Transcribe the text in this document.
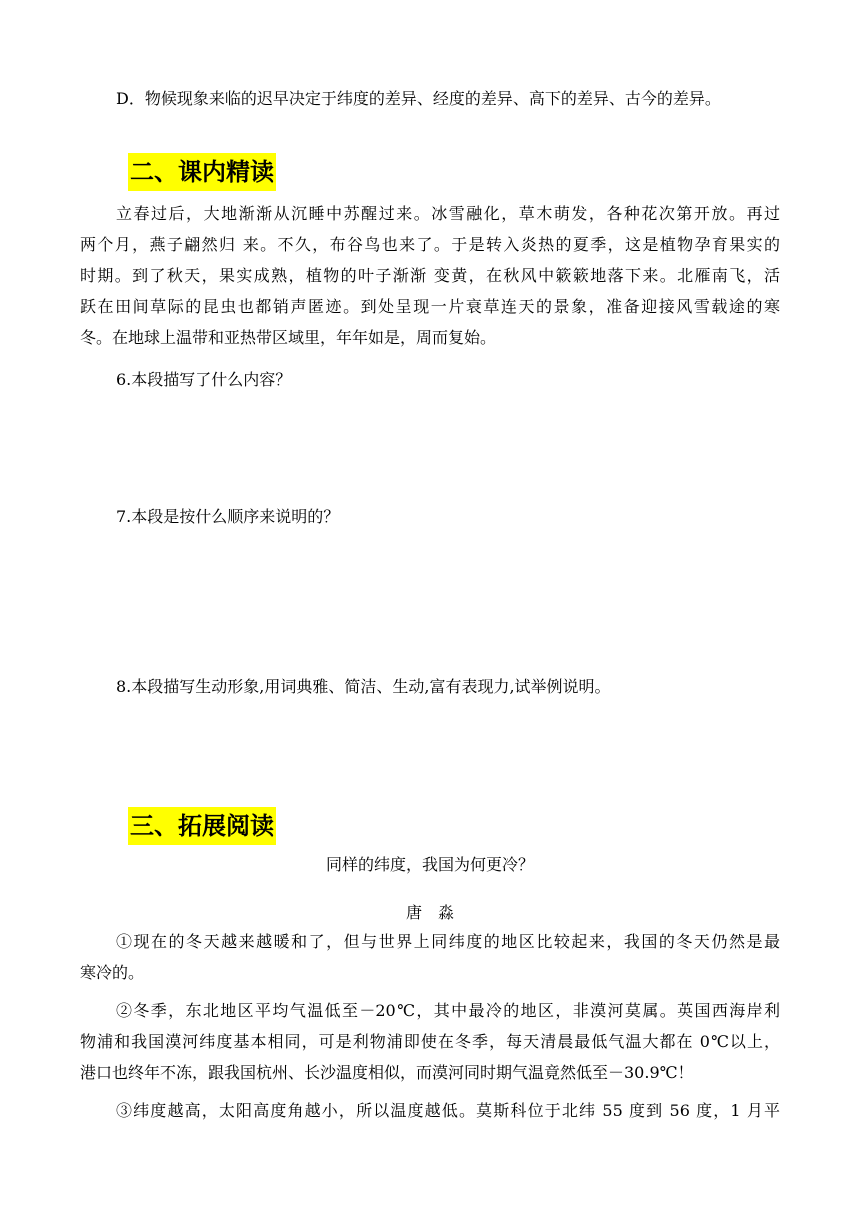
D．物候现象来临的迟早决定于纬度的差异、经度的差异、高下的差异、古今的差异。
二、课内精读
立春过后，大地渐渐从沉睡中苏醒过来。冰雪融化，草木萌发，各种花次第开放。再过
两个月，燕子翩然归 来。不久，布谷鸟也来了。于是转入炎热的夏季，这是植物孕育果实的
时期。到了秋天，果实成熟，植物的叶子渐渐 变黄，在秋风中簌簌地落下来。北雁南飞，活
跃在田间草际的昆虫也都销声匿迹。到处呈现一片衰草连天的景象，准备迎接风雪载途的寒
冬。在地球上温带和亚热带区域里，年年如是，周而复始。
6.本段描写了什么内容？
7.本段是按什么顺序来说明的？
8.本段描写生动形象,用词典雅、简洁、生动,富有表现力,试举例说明。
三、拓展阅读
同样的纬度，我国为何更冷？
唐　淼
①现在的冬天越来越暖和了，但与世界上同纬度的地区比较起来，我国的冬天仍然是最
寒冷的。
②冬季，东北地区平均气温低至－20℃，其中最冷的地区，非漠河莫属。英国西海岸利
物浦和我国漠河纬度基本相同，可是利物浦即使在冬季，每天清晨最低气温大都在 0℃以上，
港口也终年不冻，跟我国杭州、长沙温度相似，而漠河同时期气温竟然低至－30.9℃！
③纬度越高，太阳高度角越小，所以温度越低。莫斯科位于北纬 55 度到 56 度，1 月平
